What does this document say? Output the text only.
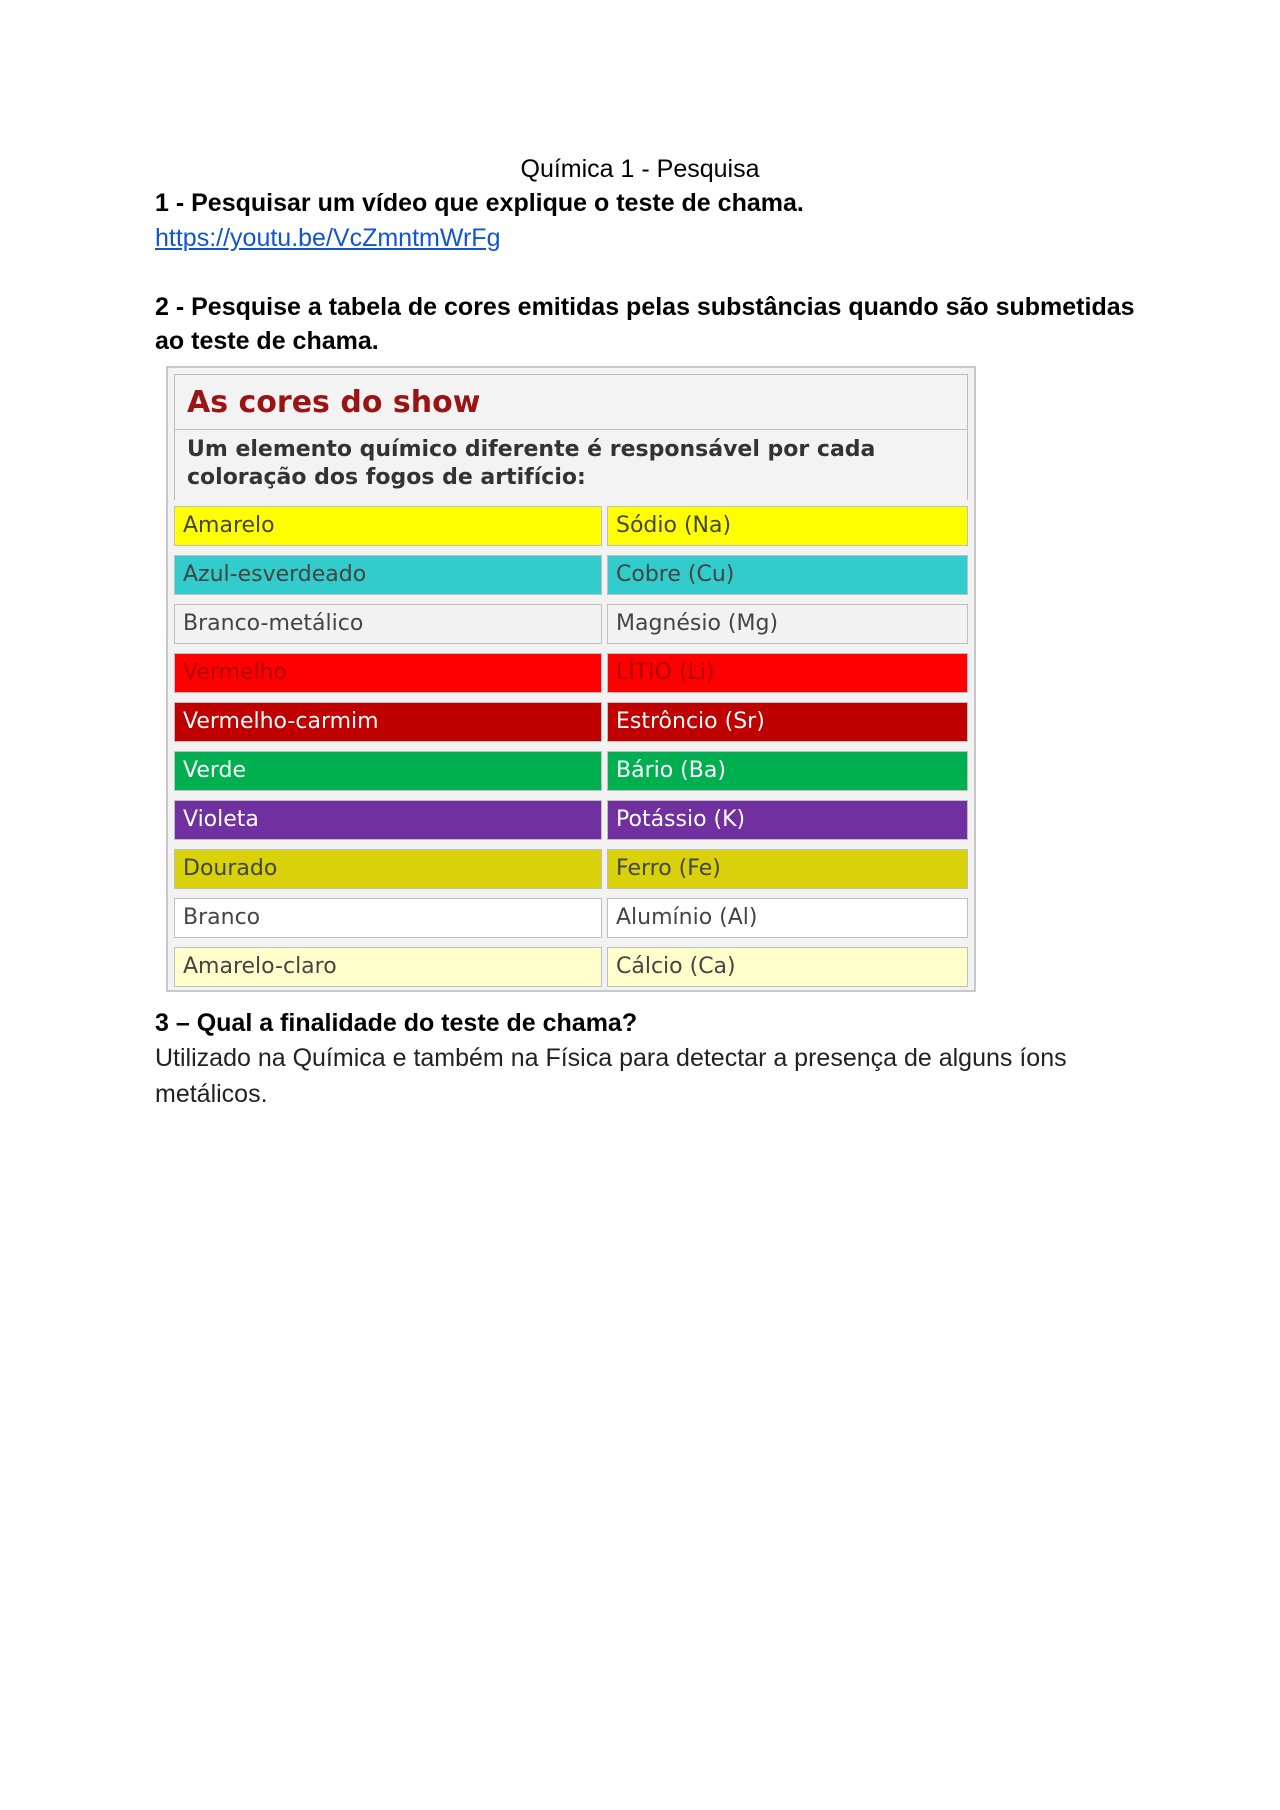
Química 1 - Pesquisa
1 - Pesquisar um vídeo que explique o teste de chama.
https://youtu.be/VcZmntmWrFg
2 - Pesquise a tabela de cores emitidas pelas substâncias quando são submetidas ao teste de chama.
As cores do show
Um elemento químico diferente é responsável por cada coloração dos fogos de artifício:
Amarelo	Sódio (Na)
Azul-esverdeado	Cobre (Cu)
Branco-metálico	Magnésio (Mg)
Vermelho	LÍTIO (Li)
Vermelho-carmim	Estrôncio (Sr)
Verde	Bário (Ba)
Violeta	Potássio (K)
Dourado	Ferro (Fe)
Branco	Alumínio (Al)
Amarelo-claro	Cálcio (Ca)
3 – Qual a finalidade do teste de chama?
Utilizado na Química e também na Física para detectar a presença de alguns íons metálicos.
